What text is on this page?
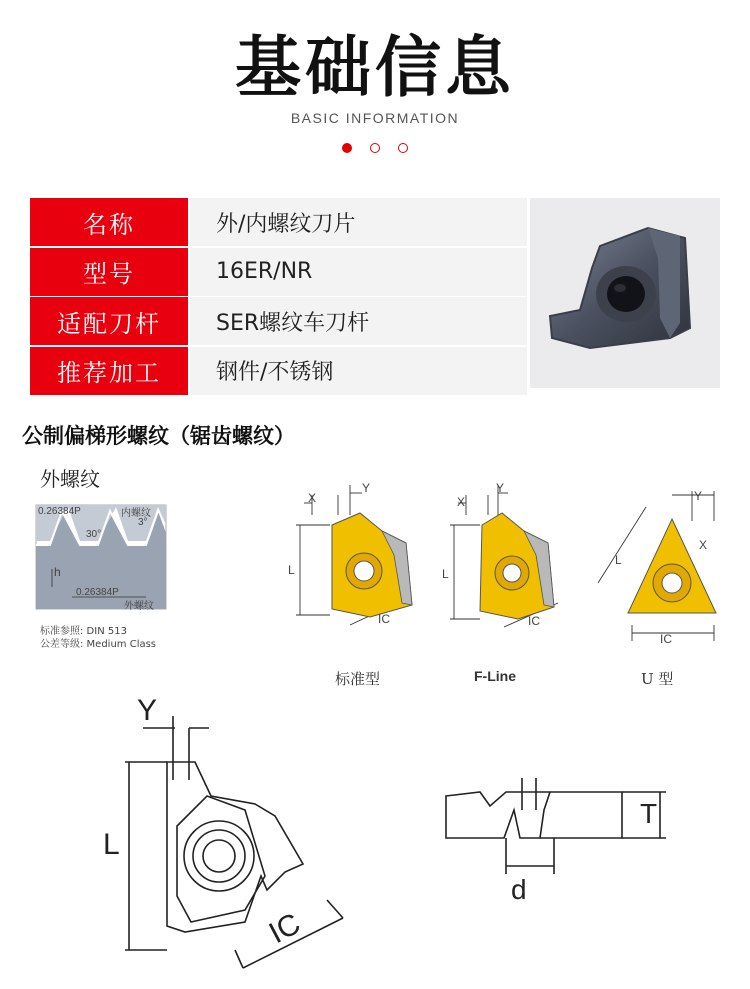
基础信息
BASIC INFORMATION
名称	外/内螺纹刀片
型号	16ER/NR
适配刀杆	SER螺纹车刀杆
推荐加工	钢件/不锈钢
公制偏梯形螺纹（锯齿螺纹）
外螺纹
0.26384P	内螺纹
3°
30°
h
0.26384P
外螺纹
标准参照: DIN 513
公差等级: Medium Class
X
Y
L
IC
标准型
X
Y
L
IC
F-Line
X
Y
L
IC
U 型
Y
L
IC
T
d
